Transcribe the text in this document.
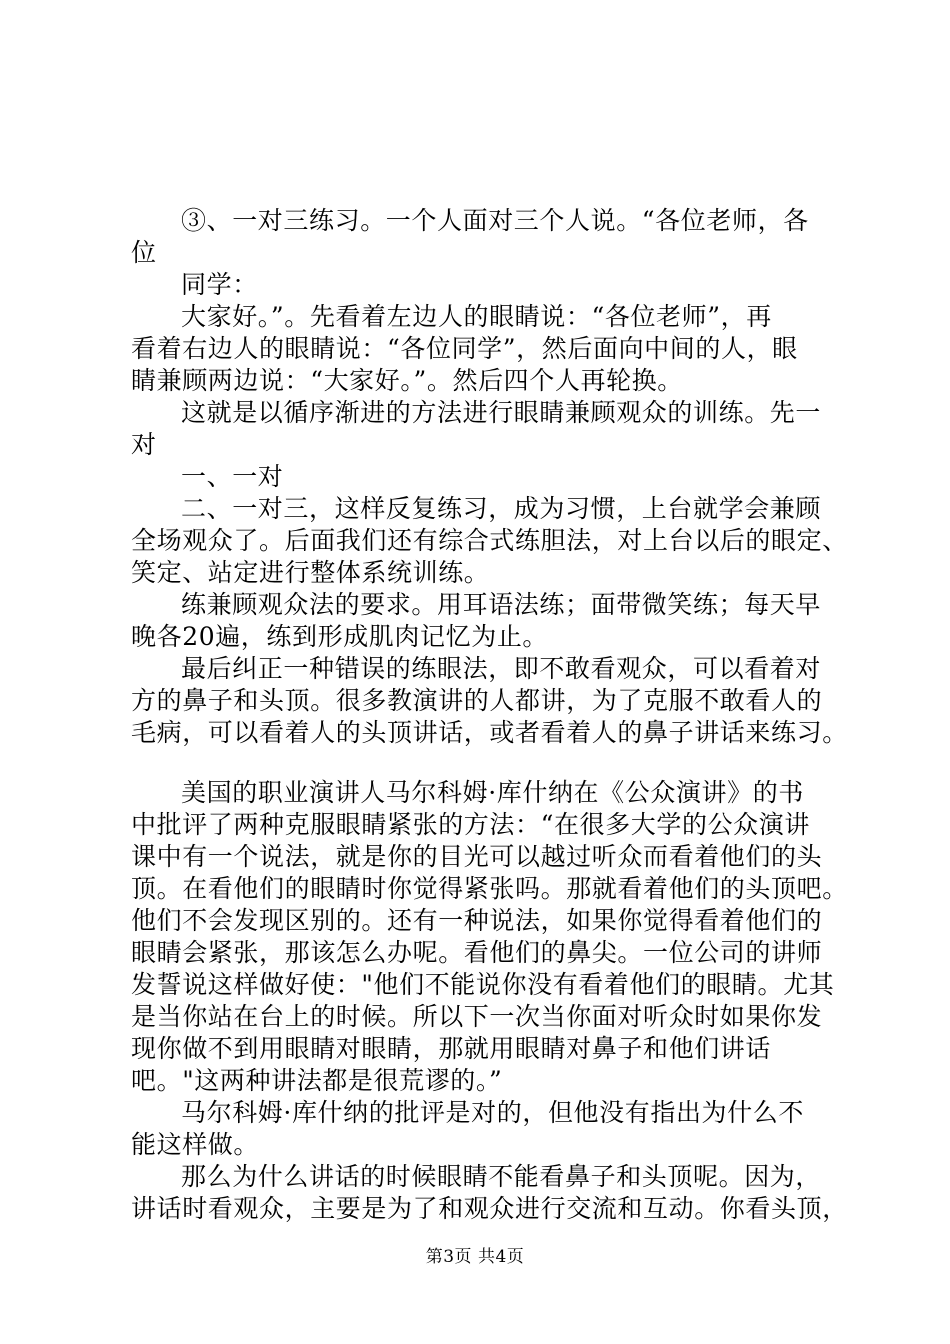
③、一对三练习。一个人面对三个人说。“各位老师，各
位
同学：
大家好。”。先看着左边人的眼睛说：“各位老师”，再
看着右边人的眼睛说：“各位同学”，然后面向中间的人，眼
睛兼顾两边说：“大家好。”。然后四个人再轮换。
这就是以循序渐进的方法进行眼睛兼顾观众的训练。先一
对
一、一对
二、一对三，这样反复练习，成为习惯，上台就学会兼顾
全场观众了。后面我们还有综合式练胆法，对上台以后的眼定、
笑定、站定进行整体系统训练。
练兼顾观众法的要求。用耳语法练；面带微笑练；每天早
晚各20遍，练到形成肌肉记忆为止。
最后纠正一种错误的练眼法，即不敢看观众，可以看着对
方的鼻子和头顶。很多教演讲的人都讲，为了克服不敢看人的
毛病，可以看着人的头顶讲话，或者看着人的鼻子讲话来练习。
美国的职业演讲人马尔科姆·库什纳在《公众演讲》的书
中批评了两种克服眼睛紧张的方法：“在很多大学的公众演讲
课中有一个说法，就是你的目光可以越过听众而看着他们的头
顶。在看他们的眼睛时你觉得紧张吗。那就看着他们的头顶吧。
他们不会发现区别的。还有一种说法，如果你觉得看着他们的
眼睛会紧张，那该怎么办呢。看他们的鼻尖。一位公司的讲师
发誓说这样做好使："他们不能说你没有看着他们的眼睛。尤其
是当你站在台上的时候。所以下一次当你面对听众时如果你发
现你做不到用眼睛对眼睛，那就用眼睛对鼻子和他们讲话
吧。"这两种讲法都是很荒谬的。”
马尔科姆·库什纳的批评是对的，但他没有指出为什么不
能这样做。
那么为什么讲话的时候眼睛不能看鼻子和头顶呢。因为，
讲话时看观众，主要是为了和观众进行交流和互动。你看头顶，
第3页 共4页
